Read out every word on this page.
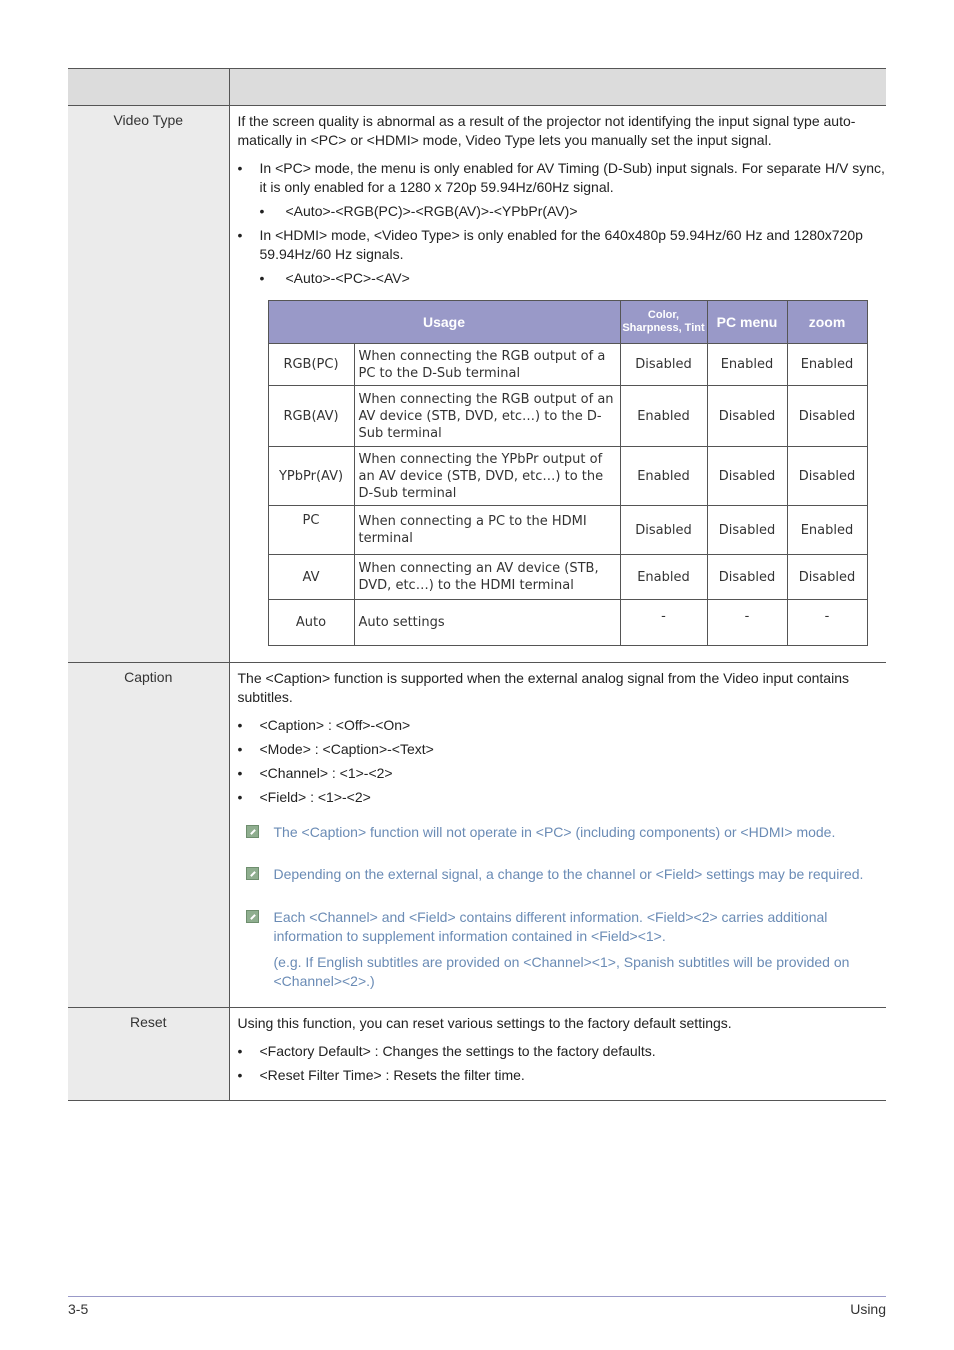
Video Type	If the screen quality is abnormal as a result of the projector not identifying the input signal type auto-matically in <PC> or <HDMI> mode, Video Type lets you manually set the input signal.

• In <PC> mode, the menu is only enabled for AV Timing (D-Sub) input signals. For separate H/V sync, it is only enabled for a 1280 x 720p 59.94Hz/60Hz signal.
• <Auto>-<RGB(PC)>-<RGB(AV)>-<YPbPr(AV)>
• In <HDMI> mode, <Video Type> is only enabled for the 640x480p 59.94Hz/60 Hz and 1280x720p 59.94Hz/60 Hz signals.
• <Auto>-<PC>-<AV>
Usage	Color, Sharpness, Tint	PC menu	zoom
RGB(PC)	When connecting the RGB output of a PC to the D-Sub terminal	Disabled	Enabled	Enabled
RGB(AV)	When connecting the RGB output of an AV device (STB, DVD, etc…) to the D-Sub terminal	Enabled	Disabled	Disabled
YPbPr(AV)	When connecting the YPbPr output of an AV device (STB, DVD, etc…) to the D-Sub terminal	Enabled	Disabled	Disabled
PC	When connecting a PC to the HDMI terminal	Disabled	Disabled	Enabled
AV	When connecting an AV device (STB, DVD, etc…) to the HDMI terminal	Enabled	Disabled	Disabled
Auto	Auto settings	-	-	-

Caption	The <Caption> function is supported when the external analog signal from the Video input contains subtitles.

• <Caption> : <Off>-<On>
• <Mode> : <Caption>-<Text>
• <Channel> : <1>-<2>
• <Field> : <1>-<2>
The <Caption> function will not operate in <PC> (including components) or <HDMI> mode.
Depending on the external signal, a change to the channel or <Field> settings may be required.
Each <Channel> and <Field> contains different information. <Field><2> carries additional information to supplement information contained in <Field><1>.
(e.g. If English subtitles are provided on <Channel><1>, Spanish subtitles will be provided on <Channel><2>.)

Reset	Using this function, you can reset various settings to the factory default settings.

• <Factory Default> : Changes the settings to the factory defaults.
• <Reset Filter Time> : Resets the filter time.
3-5	Using
